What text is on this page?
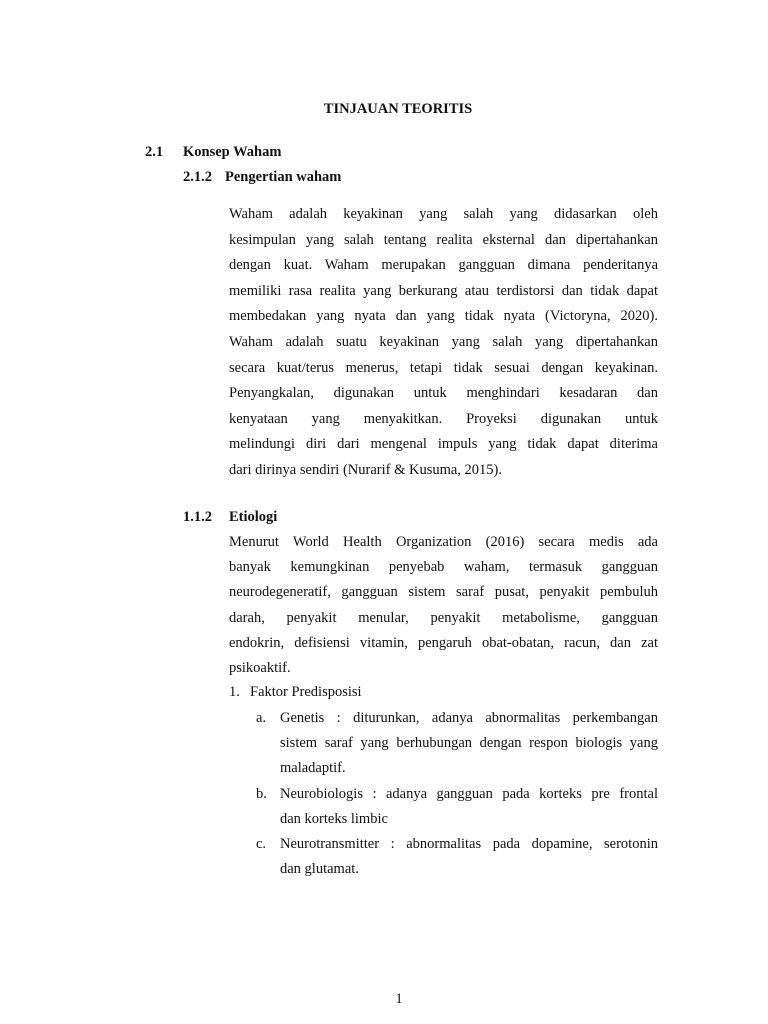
TINJAUAN TEORITIS
2.1 Konsep Waham
2.1.2 Pengertian waham
Waham adalah keyakinan yang salah yang didasarkan oleh
kesimpulan yang salah tentang realita eksternal dan dipertahankan
dengan kuat. Waham merupakan gangguan dimana penderitanya
memiliki rasa realita yang berkurang atau terdistorsi dan tidak dapat
membedakan yang nyata dan yang tidak nyata (Victoryna, 2020).
Waham adalah suatu keyakinan yang salah yang dipertahankan
secara kuat/terus menerus, tetapi tidak sesuai dengan keyakinan.
Penyangkalan, digunakan untuk menghindari kesadaran dan
kenyataan yang menyakitkan. Proyeksi digunakan untuk
melindungi diri dari mengenal impuls yang tidak dapat diterima
dari dirinya sendiri (Nurarif & Kusuma, 2015).
1.1.2 Etiologi
Menurut World Health Organization (2016) secara medis ada
banyak kemungkinan penyebab waham, termasuk gangguan
neurodegeneratif, gangguan sistem saraf pusat, penyakit pembuluh
darah, penyakit menular, penyakit metabolisme, gangguan
endokrin, defisiensi vitamin, pengaruh obat-obatan, racun, dan zat
psikoaktif.
1. Faktor Predisposisi
a. Genetis : diturunkan, adanya abnormalitas perkembangan
sistem saraf yang berhubungan dengan respon biologis yang
maladaptif.
b. Neurobiologis : adanya gangguan pada korteks pre frontal
dan korteks limbic
c. Neurotransmitter : abnormalitas pada dopamine, serotonin
dan glutamat.
1
